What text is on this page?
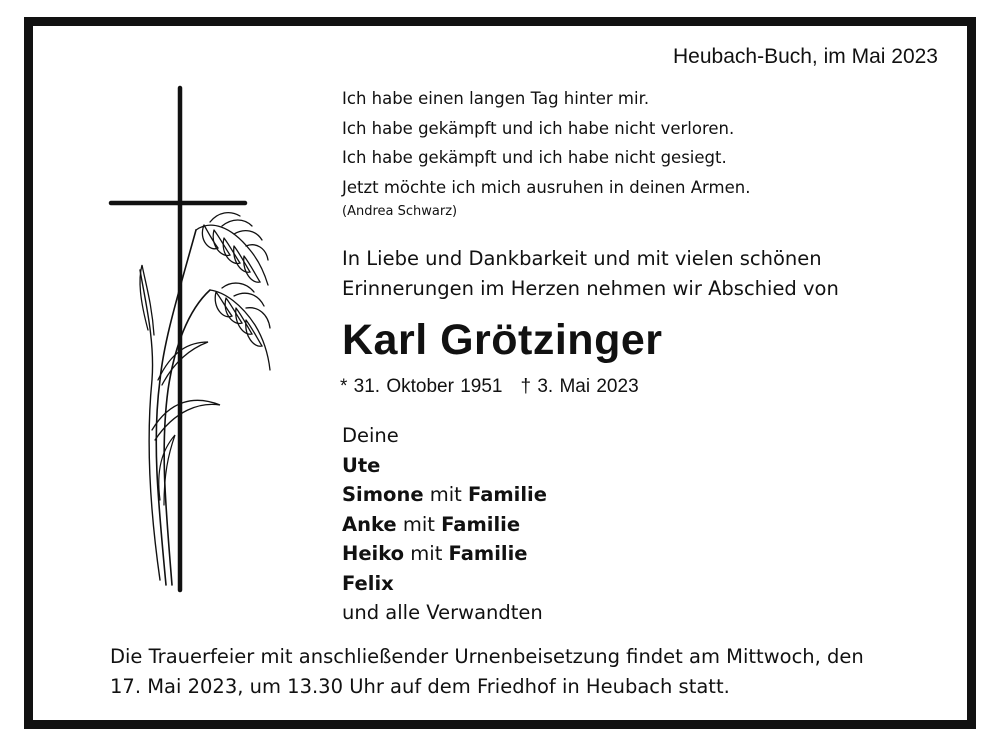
Heubach-Buch, im Mai 2023
Ich habe einen langen Tag hinter mir.
Ich habe gekämpft und ich habe nicht verloren.
Ich habe gekämpft und ich habe nicht gesiegt.
Jetzt möchte ich mich ausruhen in deinen Armen.
(Andrea Schwarz)
In Liebe und Dankbarkeit und mit vielen schönen
Erinnerungen im Herzen nehmen wir Abschied von
Karl Grötzinger
* 31. Oktober 1951 † 3. Mai 2023
Deine
Ute
Simone mit Familie
Anke mit Familie
Heiko mit Familie
Felix
und alle Verwandten
Die Trauerfeier mit anschließender Urnenbeisetzung findet am Mittwoch, den
17. Mai 2023, um 13.30 Uhr auf dem Friedhof in Heubach statt.
